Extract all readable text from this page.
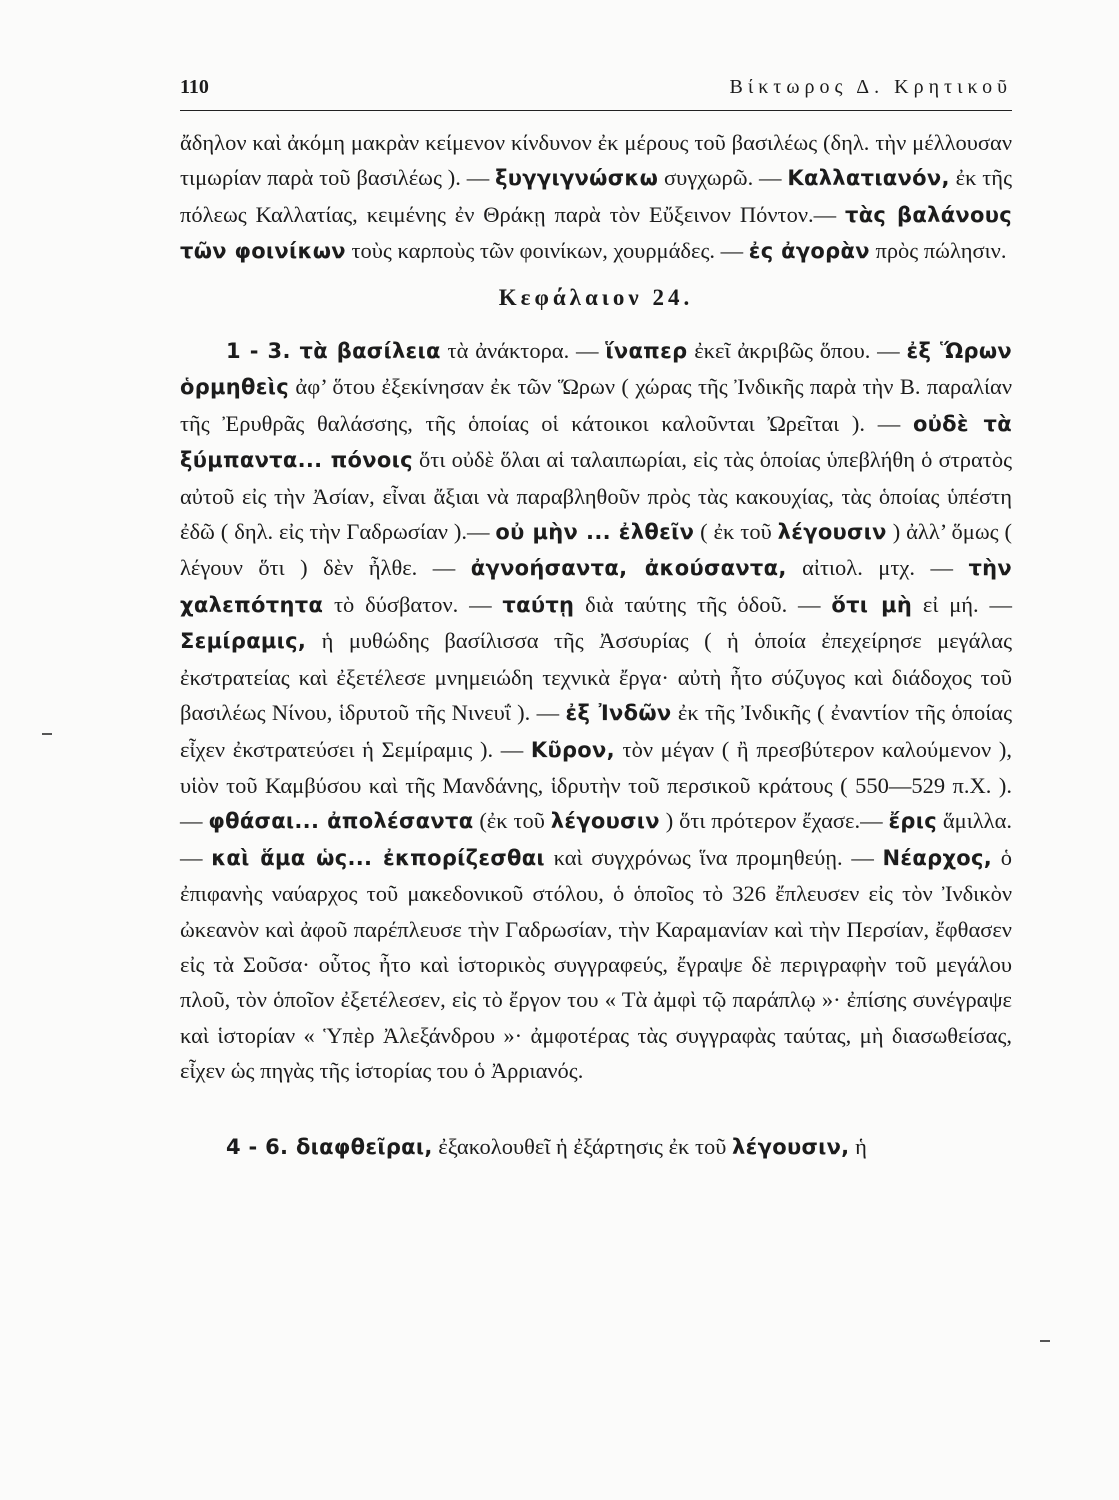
110	Βίκτωρος Δ. Κρητικοῦ

ἄδηλον καὶ ἀκόμη μακρὰν κείμενον κίνδυνον ἐκ μέρους τοῦ βασιλέως (δηλ. τὴν μέλλουσαν τιμωρίαν παρὰ τοῦ βασιλέως ). — ξυγγιγνώσκω συγχωρῶ. — Καλλατιανόν, ἐκ τῆς πόλεως Καλλατίας, κειμένης ἐν Θράκῃ παρὰ τὸν Εὔξεινον Πόντον.— τὰς βαλάνους τῶν φοινίκων τοὺς καρποὺς τῶν φοινίκων, χουρμάδες. — ἐς ἀγορὰν πρὸς πώλησιν.

Κεφάλαιον 24.

1 - 3. τὰ βασίλεια τὰ ἀνάκτορα. — ἵναπερ ἐκεῖ ἀκριβῶς ὅπου. — ἐξ Ὥρων ὁρμηθεὶς ἀφ’ ὅτου ἐξεκίνησαν ἐκ τῶν Ὥρων ( χώρας τῆς Ἰνδικῆς παρὰ τὴν Β. παραλίαν τῆς Ἐρυθρᾶς θαλάσσης, τῆς ὁποίας οἱ κάτοικοι καλοῦνται Ὠρεῖται ). — οὐδὲ τὰ ξύμπαντα... πόνοις ὅτι οὐδὲ ὅλαι αἱ ταλαιπωρίαι, εἰς τὰς ὁποίας ὑπεβλήθη ὁ στρατὸς αὐτοῦ εἰς τὴν Ἀσίαν, εἶναι ἄξιαι νὰ παραβληθοῦν πρὸς τὰς κακουχίας, τὰς ὁποίας ὑπέστη ἐδῶ ( δηλ. εἰς τὴν Γαδρωσίαν ).— οὐ μὴν ... ἐλθεῖν ( ἐκ τοῦ λέγουσιν ) ἀλλ’ ὅμως ( λέγουν ὅτι ) δὲν ἦλθε. — ἀγνοήσαντα, ἀκούσαντα, αἰτιολ. μτχ. — τὴν χαλεπότητα τὸ δύσβατον. — ταύτῃ διὰ ταύτης τῆς ὁδοῦ. — ὅτι μὴ εἰ μή. — Σεμίραμις, ἡ μυθώδης βασίλισσα τῆς Ἀσσυρίας ( ἡ ὁποία ἐπεχείρησε μεγάλας ἐκστρατείας καὶ ἐξετέλεσε μνημειώδη τεχνικὰ ἔργα· αὐτὴ ἦτο σύζυγος καὶ διάδοχος τοῦ βασιλέως Νίνου, ἱδρυτοῦ τῆς Νινευΐ ). — ἐξ Ἰνδῶν ἐκ τῆς Ἰνδικῆς ( ἐναντίον τῆς ὁποίας εἶχεν ἐκστρατεύσει ἡ Σεμίραμις ). — Κῦρον, τὸν μέγαν ( ἢ πρεσβύτερον καλούμενον ), υἱὸν τοῦ Καμβύσου καὶ τῆς Μανδάνης, ἱδρυτὴν τοῦ περσικοῦ κράτους ( 550—529 π.Χ. ). — φθάσαι... ἀπολέσαντα (ἐκ τοῦ λέγουσιν ) ὅτι πρότερον ἔχασε.— ἔρις ἅμιλλα.— καὶ ἅμα ὡς... ἐκπορίζεσθαι καὶ συγχρόνως ἵνα προμηθεύῃ. — Νέαρχος, ὁ ἐπιφανὴς ναύαρχος τοῦ μακεδονικοῦ στόλου, ὁ ὁποῖος τὸ 326 ἔπλευσεν εἰς τὸν Ἰνδικὸν ὠκεανὸν καὶ ἀφοῦ παρέπλευσε τὴν Γαδρωσίαν, τὴν Καραμανίαν καὶ τὴν Περσίαν, ἔφθασεν εἰς τὰ Σοῦσα· οὗτος ἦτο καὶ ἱστορικὸς συγγραφεύς, ἔγραψε δὲ περιγραφὴν τοῦ μεγάλου πλοῦ, τὸν ὁποῖον ἐξετέλεσεν, εἰς τὸ ἔργον του « Τὰ ἀμφὶ τῷ παράπλῳ »· ἐπίσης συνέγραψε καὶ ἱστορίαν « Ὑπὲρ Ἀλεξάνδρου »· ἀμφοτέρας τὰς συγγραφὰς ταύτας, μὴ διασωθείσας, εἶχεν ὡς πηγὰς τῆς ἱστορίας του ὁ Ἀρριανός.

4 - 6. διαφθεῖραι, ἐξακολουθεῖ ἡ ἐξάρτησις ἐκ τοῦ λέγουσιν, ἡ
